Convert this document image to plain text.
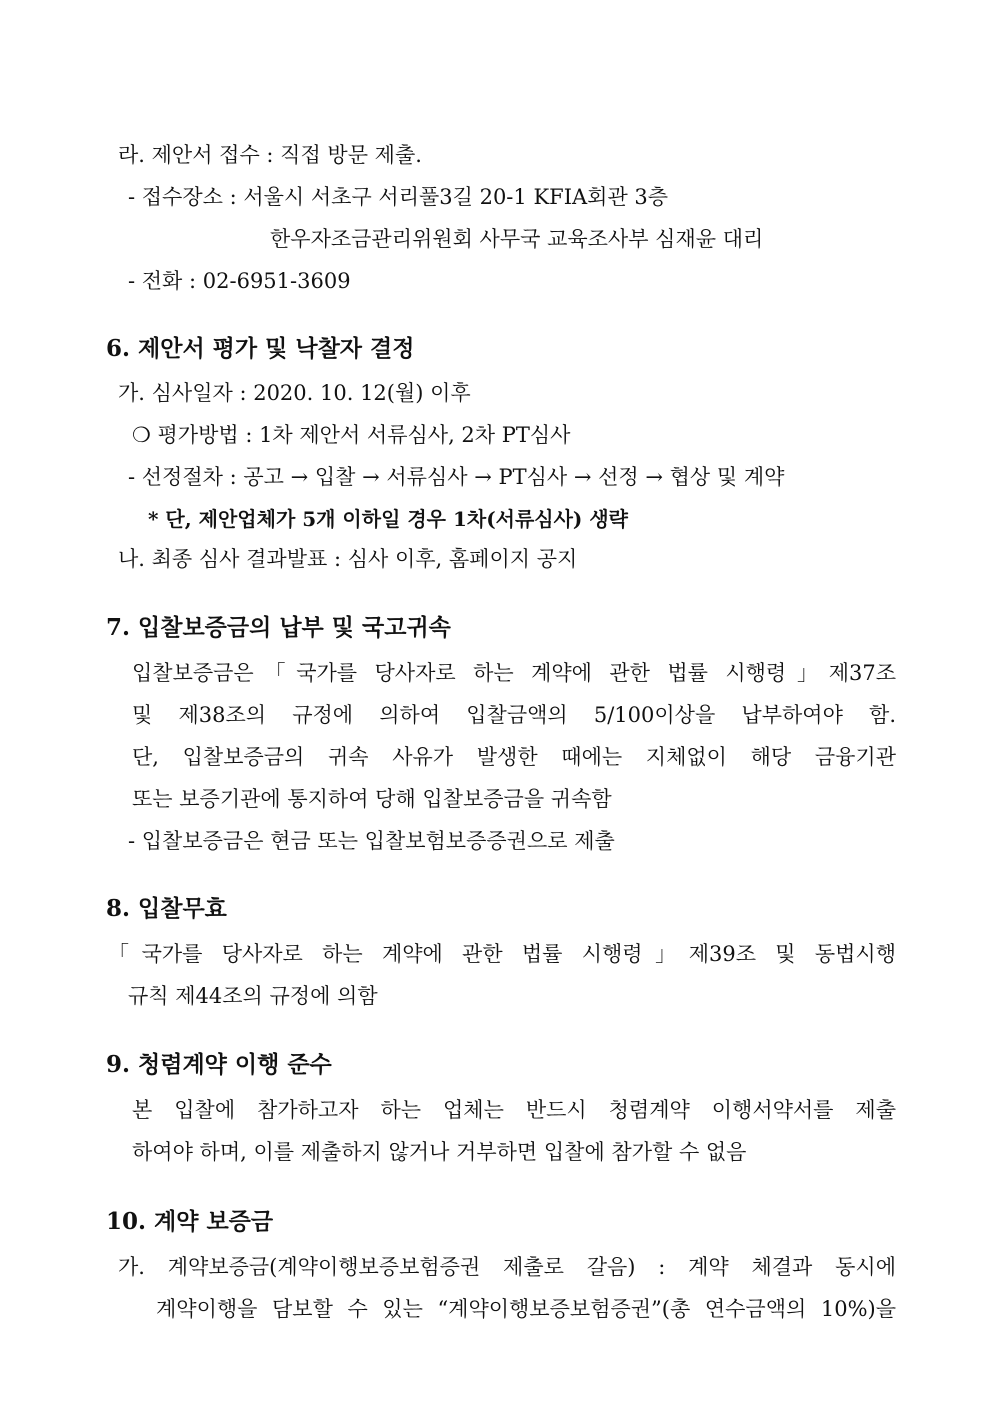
라. 제안서 접수 : 직접 방문 제출.
- 접수장소 : 서울시 서초구 서리풀3길 20-1 KFIA회관 3층
한우자조금관리위원회 사무국 교육조사부 심재윤 대리
- 전화 : 02-6951-3609
6. 제안서 평가 및 낙찰자 결정
가. 심사일자 : 2020. 10. 12(월) 이후
❍ 평가방법 : 1차 제안서 서류심사, 2차 PT심사
- 선정절차 : 공고 → 입찰 → 서류심사 → PT심사 → 선정 → 협상 및 계약
* 단, 제안업체가 5개 이하일 경우 1차(서류심사) 생략
나. 최종 심사 결과발표 : 심사 이후, 홈페이지 공지
7. 입찰보증금의 납부 및 국고귀속
입찰보증금은「국가를 당사자로 하는 계약에 관한 법률 시행령」제37조
및 제38조의 규정에 의하여 입찰금액의 5/100이상을 납부하여야 함.
단, 입찰보증금의 귀속 사유가 발생한 때에는 지체없이 해당 금융기관
또는 보증기관에 통지하여 당해 입찰보증금을 귀속함
- 입찰보증금은 현금 또는 입찰보험보증증권으로 제출
8. 입찰무효
「국가를 당사자로 하는 계약에 관한 법률 시행령」제39조 및 동법시행
규칙 제44조의 규정에 의함
9. 청렴계약 이행 준수
본 입찰에 참가하고자 하는 업체는 반드시 청렴계약 이행서약서를 제출
하여야 하며, 이를 제출하지 않거나 거부하면 입찰에 참가할 수 없음
10. 계약 보증금
가. 계약보증금(계약이행보증보험증권 제출로 갈음) : 계약 체결과 동시에
계약이행을 담보할 수 있는 “계약이행보증보험증권”(총 연수금액의 10%)을
